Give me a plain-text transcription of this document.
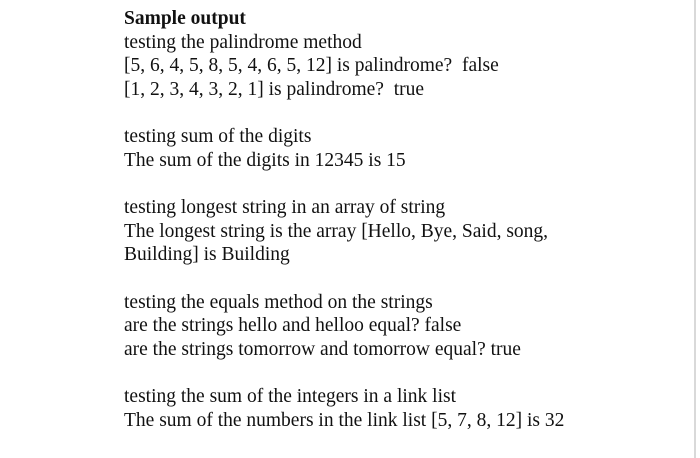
Sample output
testing the palindrome method
[5, 6, 4, 5, 8, 5, 4, 6, 5, 12] is palindrome?  false
[1, 2, 3, 4, 3, 2, 1] is palindrome?  true
testing sum of the digits
The sum of the digits in 12345 is 15
testing longest string in an array of string
The longest string is the array [Hello, Bye, Said, song,
Building] is Building
testing the equals method on the strings
are the strings hello and helloo equal? false
are the strings tomorrow and tomorrow equal? true
testing the sum of the integers in a link list
The sum of the numbers in the link list [5, 7, 8, 12] is 32
